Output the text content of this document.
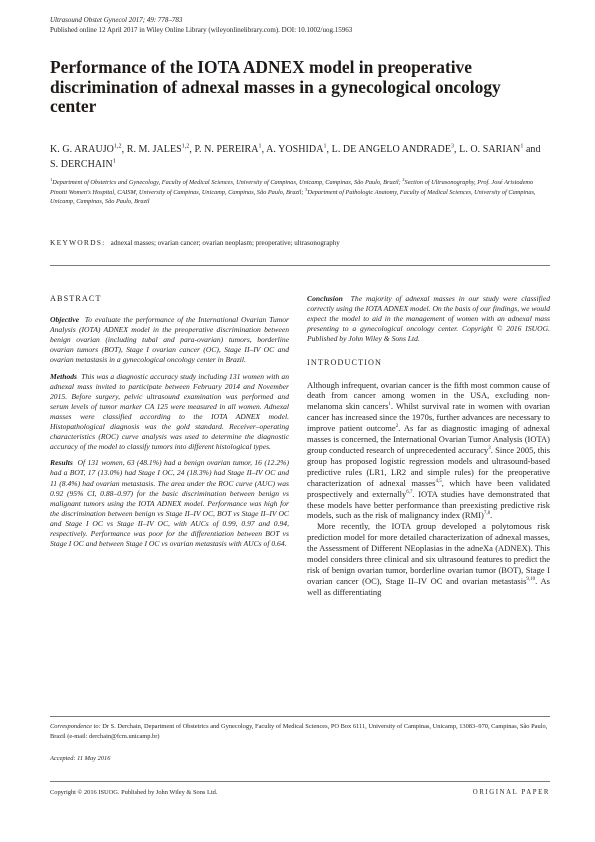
Ultrasound Obstet Gynecol 2017; 49: 778–783
Published online 12 April 2017 in Wiley Online Library (wileyonlinelibrary.com). DOI: 10.1002/uog.15963
Performance of the IOTA ADNEX model in preoperative discrimination of adnexal masses in a gynecological oncology center
K. G. ARAUJO$^{1,2}$, R. M. JALES$^{1,2}$, P. N. PEREIRA$^1$, A. YOSHIDA$^1$, L. DE ANGELO ANDRADE$^3$, L. O. SARIAN$^1$ and S. DERCHAIN$^1$
$^1$Department of Obstetrics and Gynecology, Faculty of Medical Sciences, University of Campinas, Unicamp, Campinas, São Paulo, Brazil; $^2$Section of Ultrasonography, Prof. José Aristodemo Pinotti Women's Hospital, CAISM, University of Campinas, Unicamp, Campinas, São Paulo, Brazil; $^3$Department of Pathologic Anatomy, Faculty of Medical Sciences, University of Campinas, Unicamp, Campinas, São Paulo, Brazil
KEYWORDS: adnexal masses; ovarian cancer; ovarian neoplasm; preoperative; ultrasonography
ABSTRACT

Objective To evaluate the performance of the International Ovarian Tumor Analysis (IOTA) ADNEX model in the preoperative discrimination between benign ovarian (including tubal and para-ovarian) tumors, borderline ovarian tumors (BOT), Stage I ovarian cancer (OC), Stage II–IV OC and ovarian metastasis in a gynecological oncology center in Brazil.

Methods This was a diagnostic accuracy study including 131 women with an adnexal mass invited to participate between February 2014 and November 2015. Before surgery, pelvic ultrasound examination was performed and serum levels of tumor marker CA 125 were measured in all women. Adnexal masses were classified according to the IOTA ADNEX model. Histopathological diagnosis was the gold standard. Receiver–operating characteristics (ROC) curve analysis was used to determine the diagnostic accuracy of the model to classify tumors into different histological types.

Results Of 131 women, 63 (48.1%) had a benign ovarian tumor, 16 (12.2%) had a BOT, 17 (13.0%) had Stage I OC, 24 (18.3%) had Stage II–IV OC and 11 (8.4%) had ovarian metastasis. The area under the ROC curve (AUC) was 0.92 (95% CI, 0.88–0.97) for the basic discrimination between benign vs malignant tumors using the IOTA ADNEX model. Performance was high for the discrimination between benign vs Stage II–IV OC, BOT vs Stage II–IV OC and Stage I OC vs Stage II–IV OC, with AUCs of 0.99, 0.97 and 0.94, respectively. Performance was poor for the differentiation between BOT vs Stage I OC and between Stage I OC vs ovarian metastasis with AUCs of 0.64.

Conclusion The majority of adnexal masses in our study were classified correctly using the IOTA ADNEX model. On the basis of our findings, we would expect the model to aid in the management of women with an adnexal mass presenting to a gynecological oncology center. Copyright © 2016 ISUOG. Published by John Wiley & Sons Ltd.

INTRODUCTION

Although infrequent, ovarian cancer is the fifth most common cause of death from cancer among women in the USA, excluding non-melanoma skin cancers$^1$. Whilst survival rate in women with ovarian cancer has increased since the 1970s, further advances are necessary to improve patient outcome$^2$. As far as diagnostic imaging of adnexal masses is concerned, the International Ovarian Tumor Analysis (IOTA) group conducted research of unprecedented accuracy$^3$. Since 2005, this group has proposed logistic regression models and ultrasound-based predictive rules (LR1, LR2 and simple rules) for the preoperative characterization of adnexal masses$^{4,5}$, which have been validated prospectively and externally$^{6,7}$. IOTA studies have demonstrated that these models have better performance than preexisting predictive risk models, such as the risk of malignancy index (RMI)$^{7,8}$.

More recently, the IOTA group developed a polytomous risk prediction model for more detailed characterization of adnexal masses, the Assessment of Different NEoplasias in the adneXa (ADNEX). This model considers three clinical and six ultrasound features to predict the risk of benign ovarian tumor, borderline ovarian tumor (BOT), Stage I ovarian cancer (OC), Stage II–IV OC and ovarian metastasis$^{9,10}$. As well as differentiating

Correspondence to: Dr S. Derchain, Department of Obstetrics and Gynecology, Faculty of Medical Sciences, PO Box 6111, University of Campinas, Unicamp, 13083–970, Campinas, São Paulo, Brazil (e-mail: derchain@fcm.unicamp.br)
Accepted: 11 May 2016
Copyright © 2016 ISUOG. Published by John Wiley & Sons Ltd.	ORIGINAL PAPER
